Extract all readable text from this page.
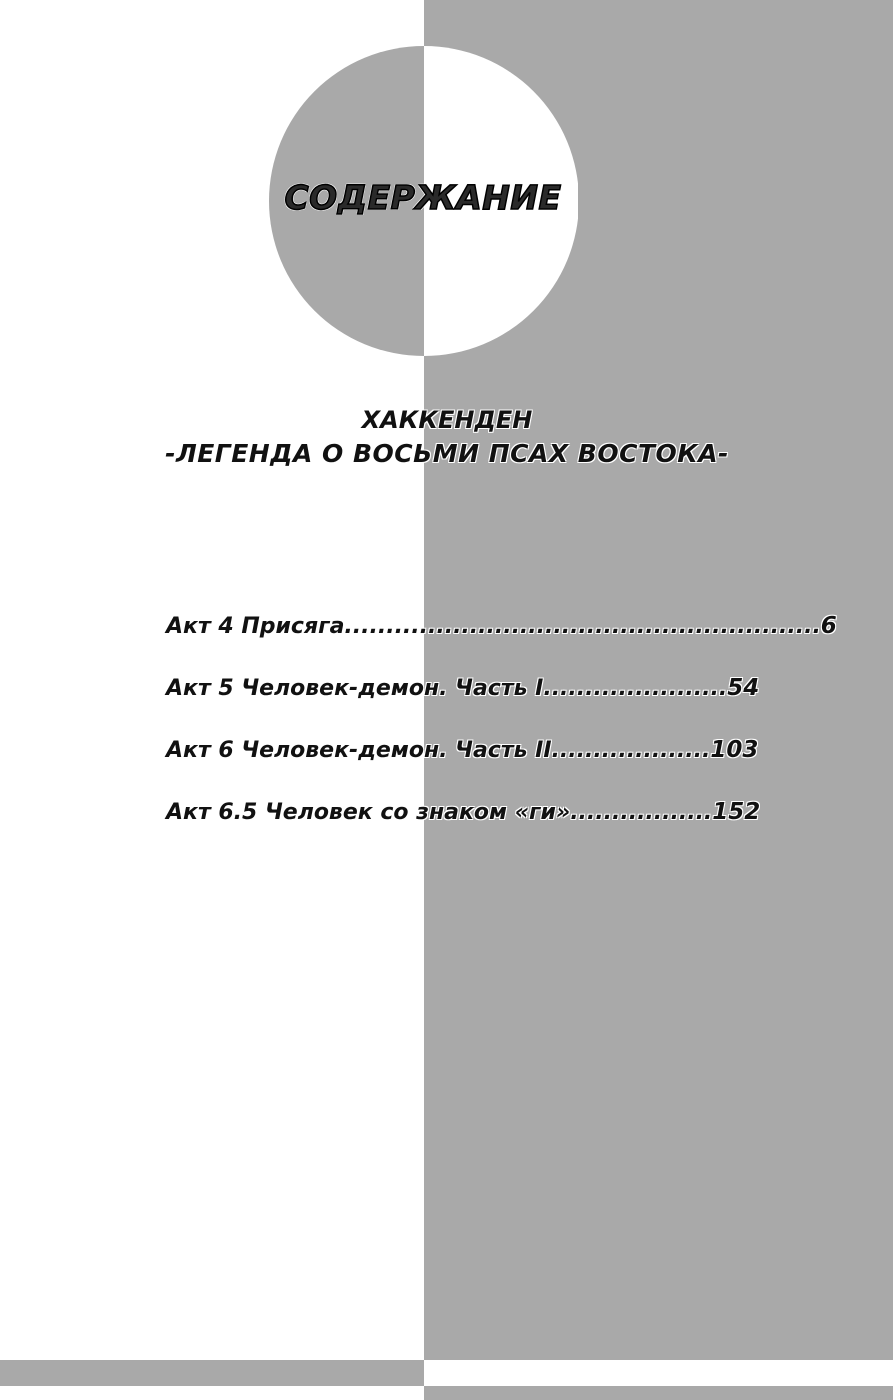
СОДЕРЖАНИЕ
ХАККЕНДЕН
-ЛЕГЕНДА О ВОСЬМИ ПСАХ ВОСТОКА-
Акт 4 Присяга ......................................................... 6
Акт 5 Человек-демон. Часть I ...................... 54
Акт 6 Человек-демон. Часть II ................... 103
Акт 6.5 Человек со знаком «ги» ................. 152
